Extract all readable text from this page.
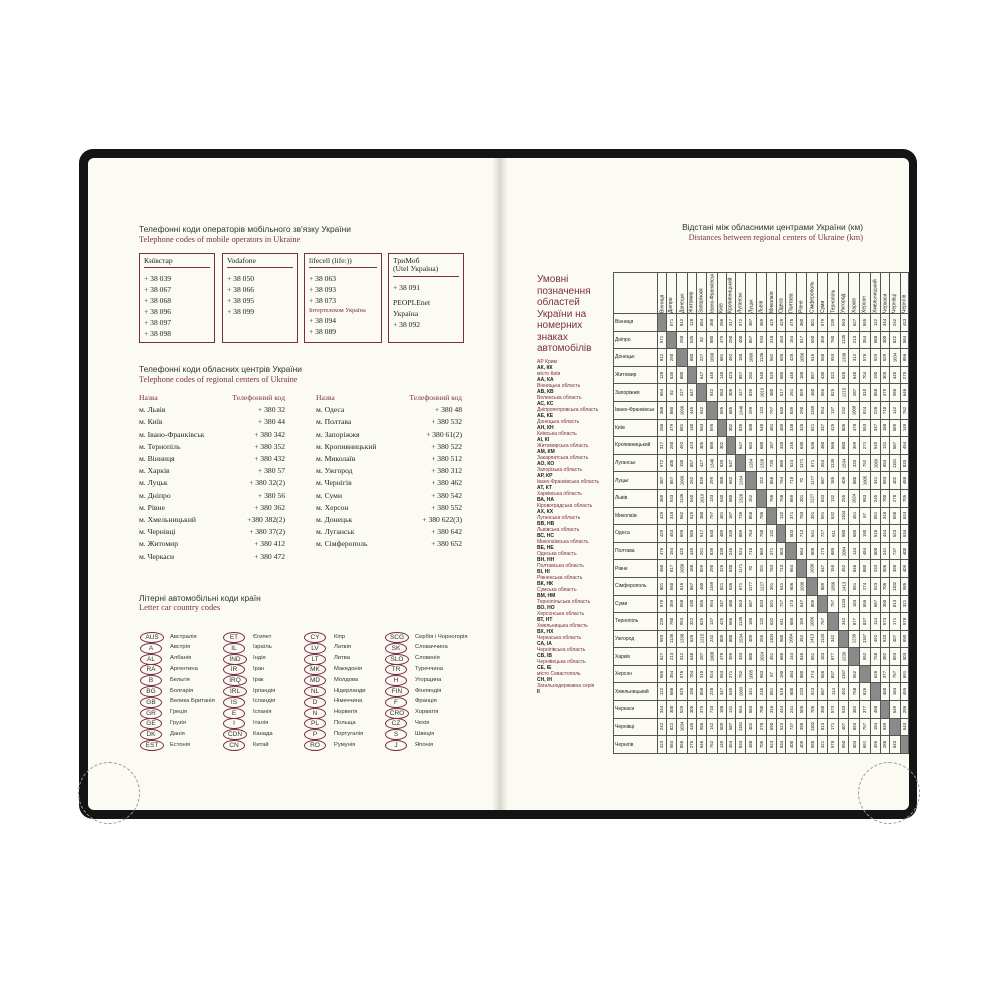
Телефонні коди операторів мобільного зв'язку України
Telephone codes of mobile operators in Ukraine
Київстар
+ 38 039
+ 38 067
+ 38 068
+ 38 096
+ 38 097
+ 38 098
Vodafone
+ 38 050
+ 38 066
+ 38 095
+ 38 099
lifecell (life:))
+ 38 063
+ 38 093
+ 38 073
Інтертелеком Україна
+ 38 094
+ 38 089
ТриМоб
(Utel Україна)
+ 38 091
PEOPLEnet
Україна
+ 38 092
Телефонні коди обласних центрів України
Telephone codes of regional centers of Ukraine
Назва	Телефонний код
м. Львів	+ 380 32
м. Київ	+ 380 44
м. Івано-Франківськ	+ 380 342
м. Тернопіль	+ 380 352
м. Вінниця	+ 380 432
м. Харків	+ 380 57
м. Луцьк	+ 380 32(2)
м. Дніпро	+ 380 56
м. Рівне	+ 380 362
м. Хмельницький	+380 382(2)
м. Чернівці	+ 380 37(2)
м. Житомир	+ 380 412
м. Черкаси	+ 380 472
Назва	Телефонний код
м. Одеса	+ 380 48
м. Полтава	+ 380 532
м. Запоріжжя	+ 380 61(2)
м. Кропивницький	+ 380 522
м. Миколаїв	+ 380 512
м. Ужгород	+ 380 312
м. Чернігів	+ 380 462
м. Суми	+ 380 542
м. Херсон	+ 380 552
м. Донецьк	+ 380 622(3)
м. Луганськ	+ 380 642
м. Сімферополь	+ 380 652
Літерні автомобільні коди країн
Letter car country codes
AUS	Австралія
A	Австрія
AL	Албанія
RA	Аргентина
B	Бельгія
BG	Болгарія
GB	Велика Британія
GR	Греція
GE	Грузія
DK	Данія
EST	Естонія
ET	Єгипет
IL	Ізраїль
IND	Індія
IR	Іран
IRQ	Ірак
IRL	Ірландія
IS	Ісландія
E	Іспанія
I	Італія
CDN	Канада
CN	Китай
CY	Кіпр
LV	Латвія
LT	Литва
MK	Македонія
MD	Молдова
NL	Нідерланди
D	Німеччина
N	Норвегія
PL	Польща
P	Португалія
RO	Румунія
SCG	Сербія і Чорногорія
SK	Словаччина
SLO	Словенія
TR	Туреччина
H	Угорщина
FIN	Фінляндія
F	Франція
CRO	Хорватія
CZ	Чехія
S	Швеція
J	Японія
Відстані між обласними центрами України (км)
Distances between regional centers of Ukraine (km)
Умовні позначення областей України на номерних знаках автомобілів
АР Крим
АК, КК
місто Київ
АА, КА
Вінницька область
АВ, КВ
Волинська область
АС, КС
Дніпропетровська область
АЕ, КЕ
Донецька область
АН, КН
Київська область
АІ, КІ
Житомирська область
АМ, КМ
Закарпатська область
АО, КО
Запорізька область
АР, КР
Івано-Франківська область
АТ, КТ
Харківська область
ВА, НА
Кіровоградська область
АХ, КХ
Луганська область
ВВ, НВ
Львівська область
ВС, НС
Миколаївська область
ВЕ, НЕ
Одеська область
ВН, НН
Полтавська область
ВІ, НІ
Рівненська область
ВК, НК
Сумська область
ВМ, НМ
Тернопільська область
ВО, НО
Херсонська область
ВТ, НТ
Хмельницька область
ВХ, НХ
Черкаська область
СА, ІА
Чернігівська область
СВ, ІВ
Чернівецька область
СЕ, ІЕ
місто Севастополь
СН, ІН
Загальнодержавна серія
ІІ
	Вінниця	Дніпро	Донецьк	Житомир	Запоріжжя	Івано-Франківськ	Київ	Кропивницький	Луганськ	Луцьк	Львів	Миколаїв	Одеса	Полтава	Рівне	Сімферополь	Суми	Тернопіль	Ужгород	Харків	Херсон	Хмельницький	Черкаси	Чернівці	Чернігів
Вінниця		571	812	128	654	368	266	317	972	387	369	429	429	476	360	801	579	239	593	627	555	122	344	242	423
Дніпро	571		250	535	82	880	479	250	400	857	933	318	453	154	817	550	359	760	1135	213	354	688	300	822	584
Донецьк	812	250		880	227	1090	681	492	150	1066	1136	562	695	425	1050	616	558	953	1338	312	576	929	529	1034	856
Житомир	128	535	880		647	445	140	423	857	262	540	529	585	445	188	867	430	322	626	648	704	190	305	445	275
Запоріжжя	654	82	227	647		942	563	305	427	839	1019	380	517	261	899	460	555	825	1215	287	310	858	379	986	646
Івано-Франківськ	368	880	1090	445	942		595	685	1340	299	133	797	640	839	290	1169	954	137	232	1008	924	228	710	142	762
Київ	266	479	681	140	563	595		302	839	388	540	481	489	338	326	821	337	425	805	478	553	347	188	509	149
Кропивницький	317	250	492	423	305	685	302		647	662	680	187	320	246	630	636	480	566	880	399	271	549	131	587	454
Луганськ	972	400	150	857	427	1340	839	647		1264	1320	739	889	524	1171	671	553	1135	1534	333	752	1069	654	1181	833
Луцьк	387	857	1066	262	839	299	388	662	1264		152	856	764	718	70	1177	687	185	409	880	1005	341	583	402	488
Львів	369	933	1136	540	1019	133	540	680	1320	152		786	768	869	201	1227	833	132	255	1024	983	245	700	278	705
Миколаїв	429	318	562	529	380	797	481	187	739	856	786		132	371	783	391	591	632	1104	451	67	551	316	690	624
Одеса	429	453	695	585	517	640	489	320	889	764	768	132		503	713	541	727	611	980	685	190	518	444	523	634
Полтава	476	154	425	445	261	839	338	246	524	718	869	371	503		664	606	173	685	1064	144	484	600	241	737	400
Рівне	360	817	1050	188	899	290	326	630	1171	70	201	783	713	664		1036	647	159	452	846	880	233	506	390	409
Сімферополь	801	550	616	867	460	1169	821	636	671	1177	1227	391	541	606	1036		809	1056	1413	651	274	923	706	1102	985
Суми	579	359	558	430	555	954	337	480	553	687	833	591	727	173	647	809		757	1133	183	656	667	350	813	321
Тернопіль	239	760	953	322	825	137	425	566	1135	185	132	632	611	685	159	1056	757		342	877	837	114	573	171	578
Ужгород	593	1135	1338	626	1215	232	805	880	1534	409	255	1104	980	1064	452	1413	1133	342		1239	1167	492	933	407	950
Харків	627	213	312	648	287	1008	478	399	333	880	1024	451	685	144	846	651	183	877	1239		552	758	382	893	503
Херсон	555	354	576	704	310	924	553	271	752	1005	983	67	190	484	880	274	656	837	1167	552		626	377	757	691
Хмельницький	122	688	929	190	858	228	347	549	1069	341	245	551	518	600	233	923	667	114	492	758	626		468	184	495
Черкаси	344	300	529	305	379	710	188	131	654	583	700	316	444	241	506	706	350	573	933	382	377	468		649	286
Чернівці	242	822	1034	445	986	142	509	587	1181	402	278	690	523	737	390	1102	813	171	407	893	757	184	649		643
Чернігів	423	584	856	275	646	762	149	454	833	488	705	624	634	400	409	985	321	578	950	503	691	495	286	643	
